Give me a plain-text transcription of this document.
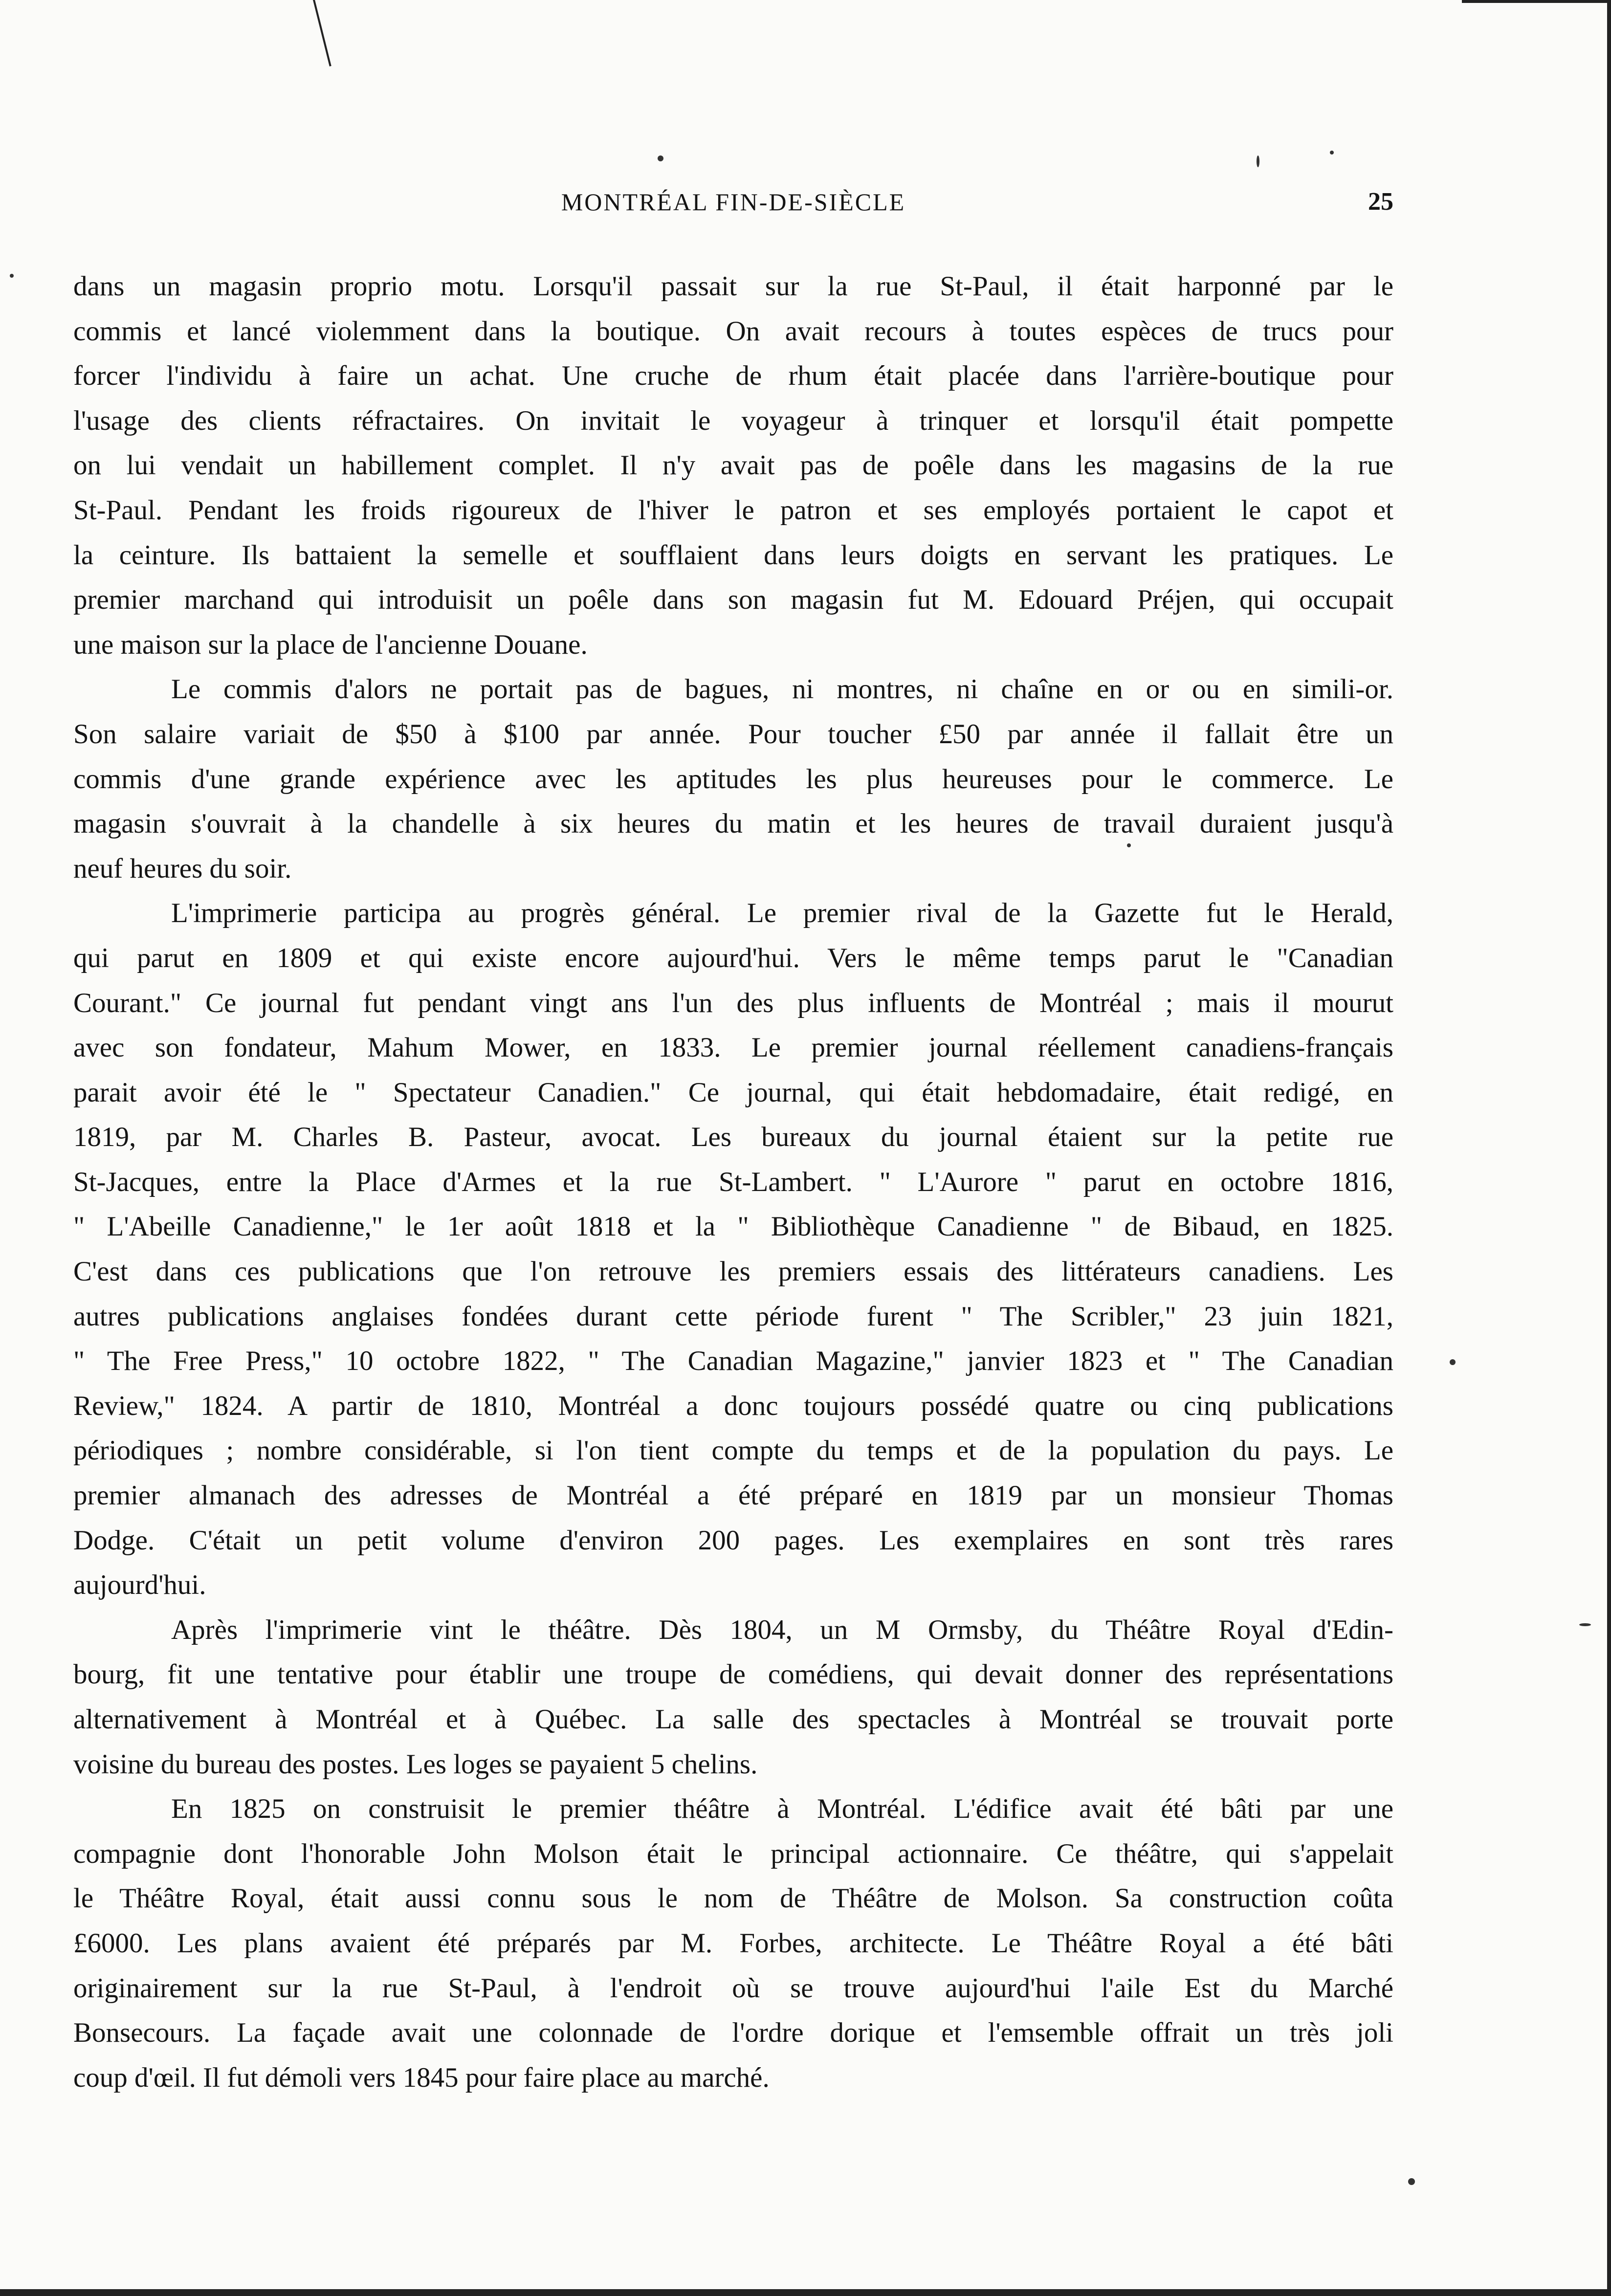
MONTRÉAL FIN-DE-SIÈCLE	25
dans un magasin proprio motu. Lorsqu'il passait sur la rue St-Paul, il était harponné par le
commis et lancé violemment dans la boutique. On avait recours à toutes espèces de trucs pour
forcer l'individu à faire un achat. Une cruche de rhum était placée dans l'arrière-boutique pour
l'usage des clients réfractaires. On invitait le voyageur à trinquer et lorsqu'il était pompette
on lui vendait un habillement complet. Il n'y avait pas de poêle dans les magasins de la rue
St-Paul. Pendant les froids rigoureux de l'hiver le patron et ses employés portaient le capot et
la ceinture. Ils battaient la semelle et soufflaient dans leurs doigts en servant les pratiques. Le
premier marchand qui introduisit un poêle dans son magasin fut M. Edouard Préjen, qui occupait
une maison sur la place de l'ancienne Douane.
Le commis d'alors ne portait pas de bagues, ni montres, ni chaîne en or ou en simili-or.
Son salaire variait de $50 à $100 par année. Pour toucher £50 par année il fallait être un
commis d'une grande expérience avec les aptitudes les plus heureuses pour le commerce. Le
magasin s'ouvrait à la chandelle à six heures du matin et les heures de travail duraient jusqu'à
neuf heures du soir.
L'imprimerie participa au progrès général. Le premier rival de la Gazette fut le Herald,
qui parut en 1809 et qui existe encore aujourd'hui. Vers le même temps parut le "Canadian
Courant." Ce journal fut pendant vingt ans l'un des plus influents de Montréal ; mais il mourut
avec son fondateur, Mahum Mower, en 1833. Le premier journal réellement canadiens-français
parait avoir été le " Spectateur Canadien." Ce journal, qui était hebdomadaire, était redigé, en
1819, par M. Charles B. Pasteur, avocat. Les bureaux du journal étaient sur la petite rue
St-Jacques, entre la Place d'Armes et la rue St-Lambert. " L'Aurore " parut en octobre 1816,
" L'Abeille Canadienne," le 1er août 1818 et la " Bibliothèque Canadienne " de Bibaud, en 1825.
C'est dans ces publications que l'on retrouve les premiers essais des littérateurs canadiens. Les
autres publications anglaises fondées durant cette période furent " The Scribler," 23 juin 1821,
" The Free Press," 10 octobre 1822, " The Canadian Magazine," janvier 1823 et " The Canadian
Review," 1824. A partir de 1810, Montréal a donc toujours possédé quatre ou cinq publications
périodiques ; nombre considérable, si l'on tient compte du temps et de la population du pays. Le
premier almanach des adresses de Montréal a été préparé en 1819 par un monsieur Thomas
Dodge. C'était un petit volume d'environ 200 pages. Les exemplaires en sont très rares
aujourd'hui.
Après l'imprimerie vint le théâtre. Dès 1804, un M Ormsby, du Théâtre Royal d'Edin-
bourg, fit une tentative pour établir une troupe de comédiens, qui devait donner des représentations
alternativement à Montréal et à Québec. La salle des spectacles à Montréal se trouvait porte
voisine du bureau des postes. Les loges se payaient 5 chelins.
En 1825 on construisit le premier théâtre à Montréal. L'édifice avait été bâti par une
compagnie dont l'honorable John Molson était le principal actionnaire. Ce théâtre, qui s'appelait
le Théâtre Royal, était aussi connu sous le nom de Théâtre de Molson. Sa construction coûta
£6000. Les plans avaient été préparés par M. Forbes, architecte. Le Théâtre Royal a été bâti
originairement sur la rue St-Paul, à l'endroit où se trouve aujourd'hui l'aile Est du Marché
Bonsecours. La façade avait une colonnade de l'ordre dorique et l'emsemble offrait un très joli
coup d'œil. Il fut démoli vers 1845 pour faire place au marché.
